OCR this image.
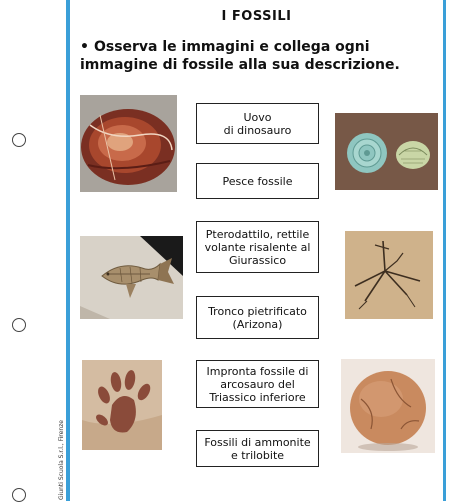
Giunti Scuola S.r.l., Firenze
I FOSSILI
• Osserva le immagini e collega ogni immagine di fossile alla sua descrizione.
Uovo
di dinosauro
Pesce fossile
Pterodattilo, rettile volante risalente al Giurassico
Tronco pietrificato (Arizona)
Impronta fossile di arcosauro del Triassico inferiore
Fossili di ammonite e trilobite
